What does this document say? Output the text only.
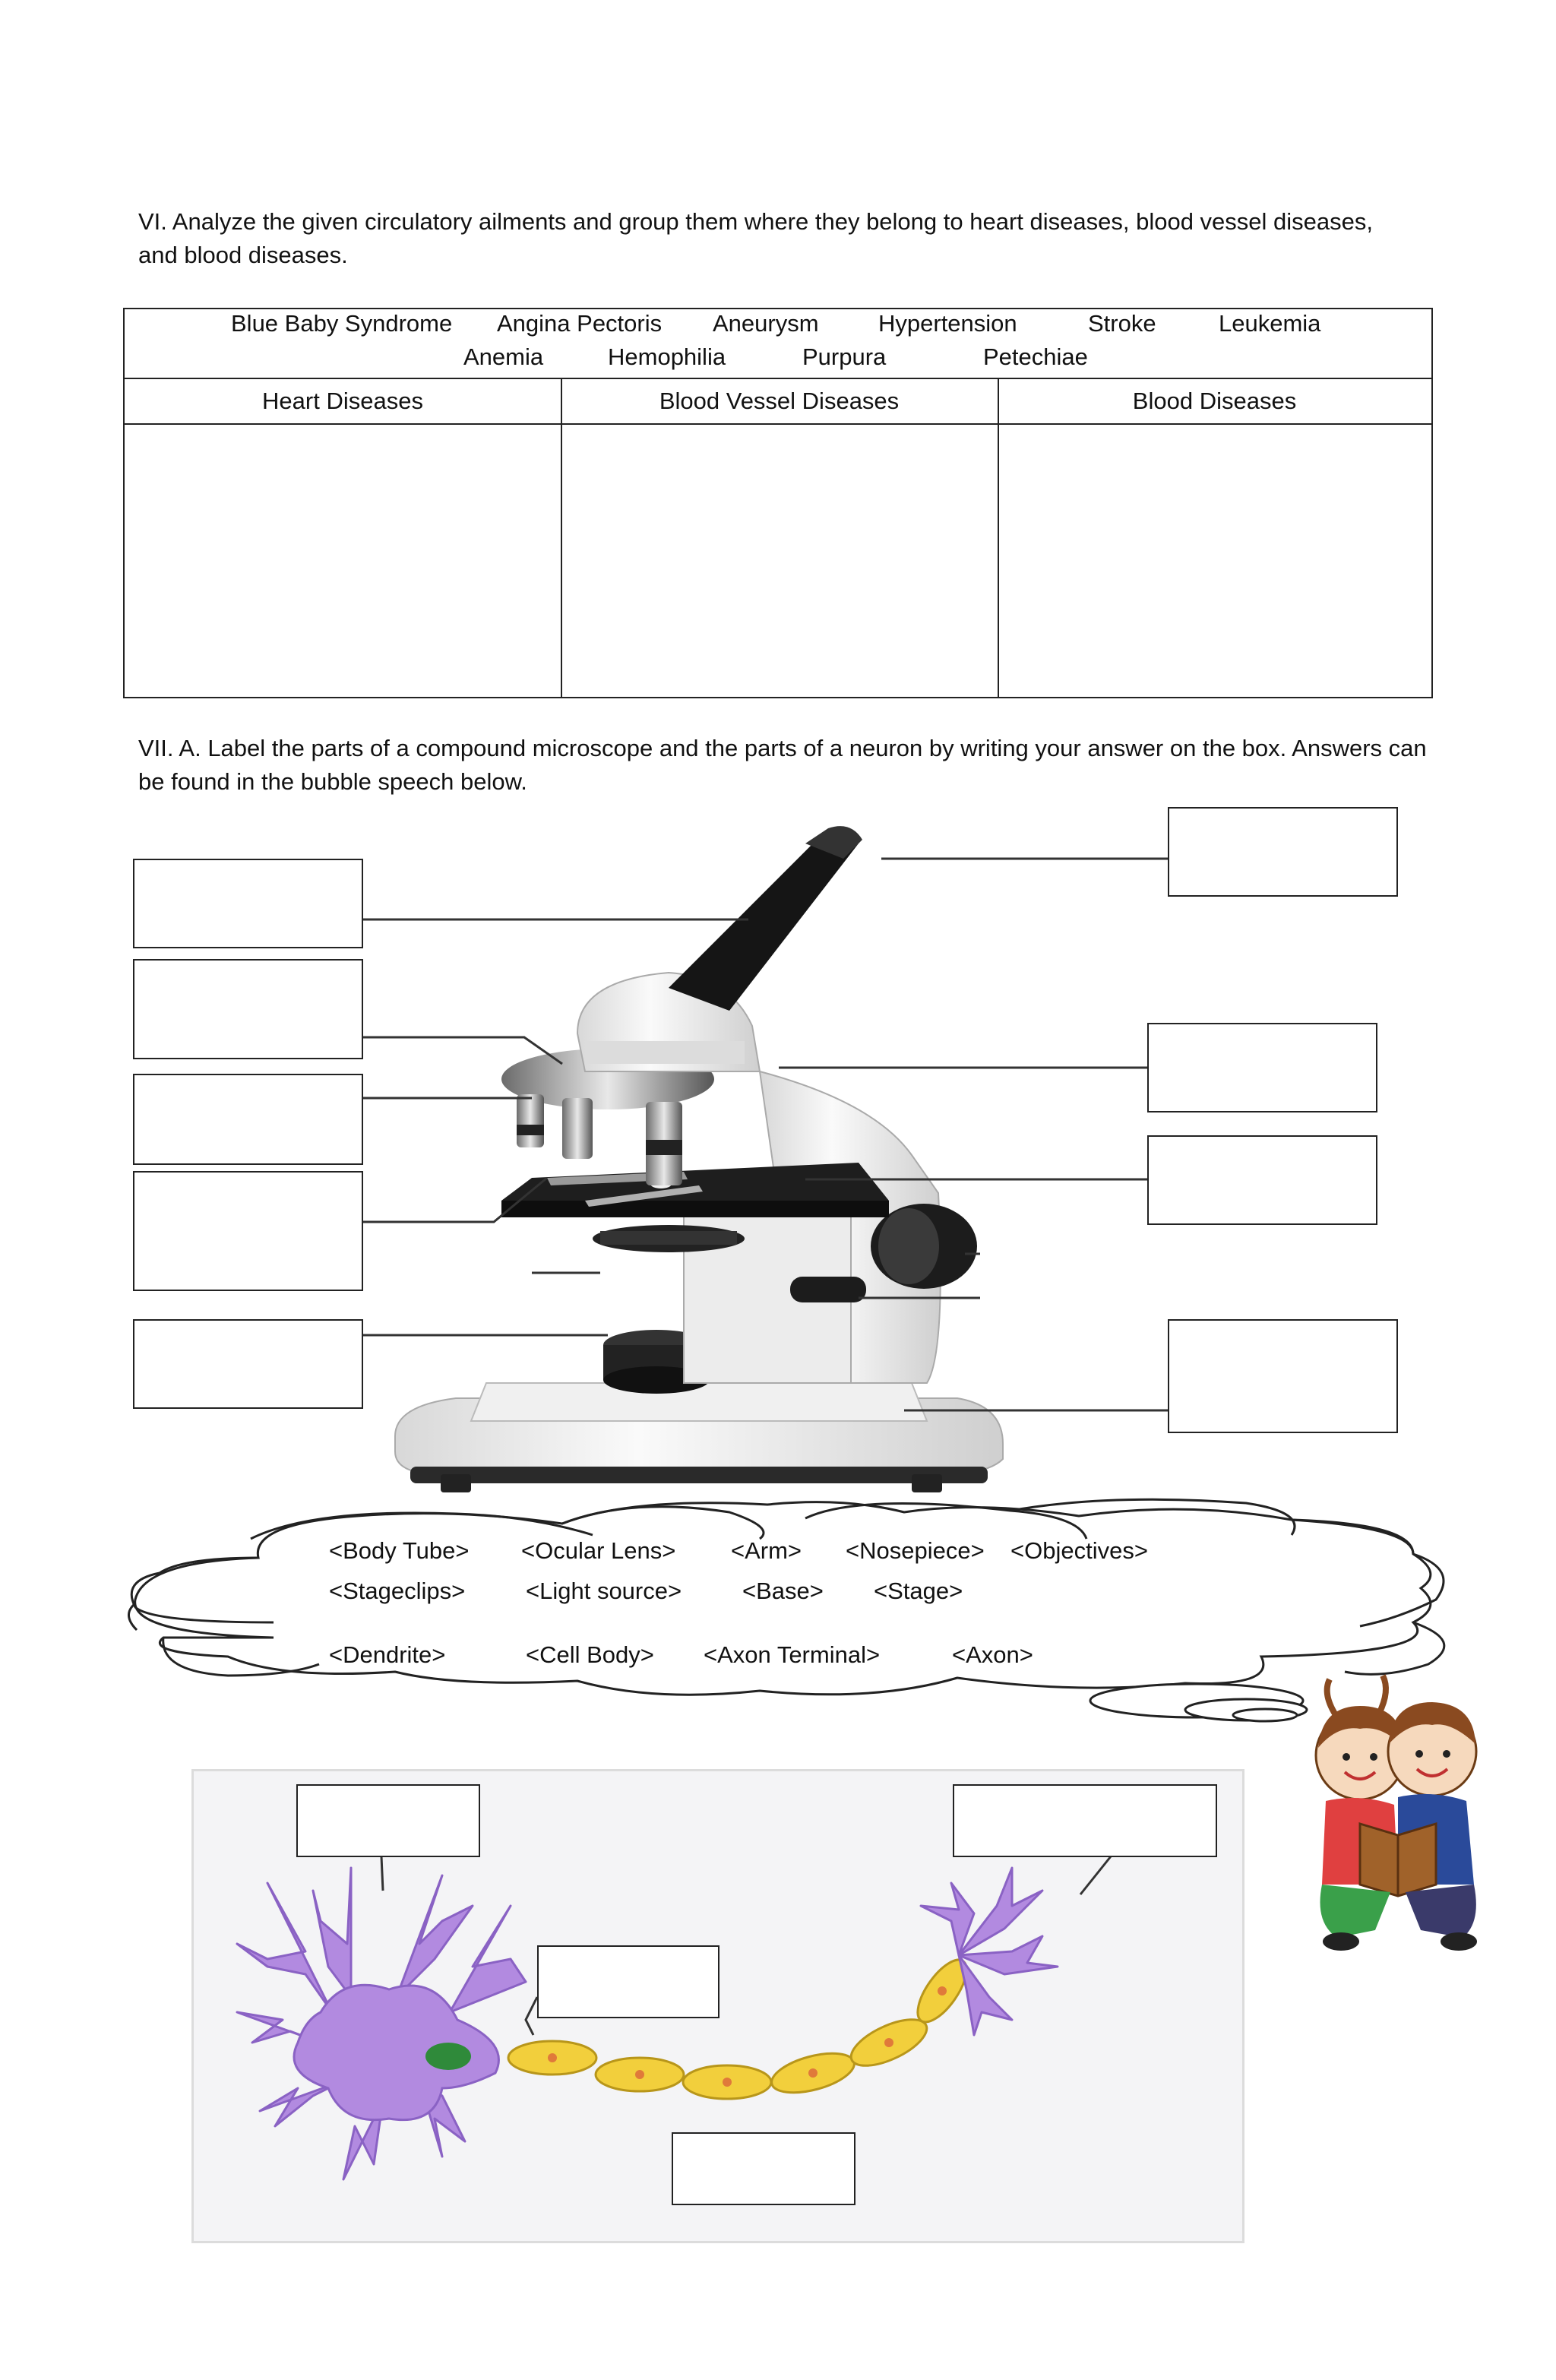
VI. Analyze the given circulatory ailments and group them where they belong to heart diseases, blood vessel diseases, and blood diseases.

Blue Baby Syndrome Angina Pectoris Aneurysm	Hypertension	Stroke	Leukemia
Anemia	Hemophilia	Purpura	Petechiae
Heart Diseases	Blood Vessel Diseases	Blood Diseases

VII. A. Label the parts of a compound microscope and the parts of a neuron by writing your answer on the box. Answers can be found in the bubble speech below.

<Body Tube> <Ocular Lens> <Arm> <Nosepiece> <Objectives>
<Stageclips>	<Light source>	<Base> <Stage>
<Dendrite>	<Cell Body> <Axon Terminal>	<Axon>
